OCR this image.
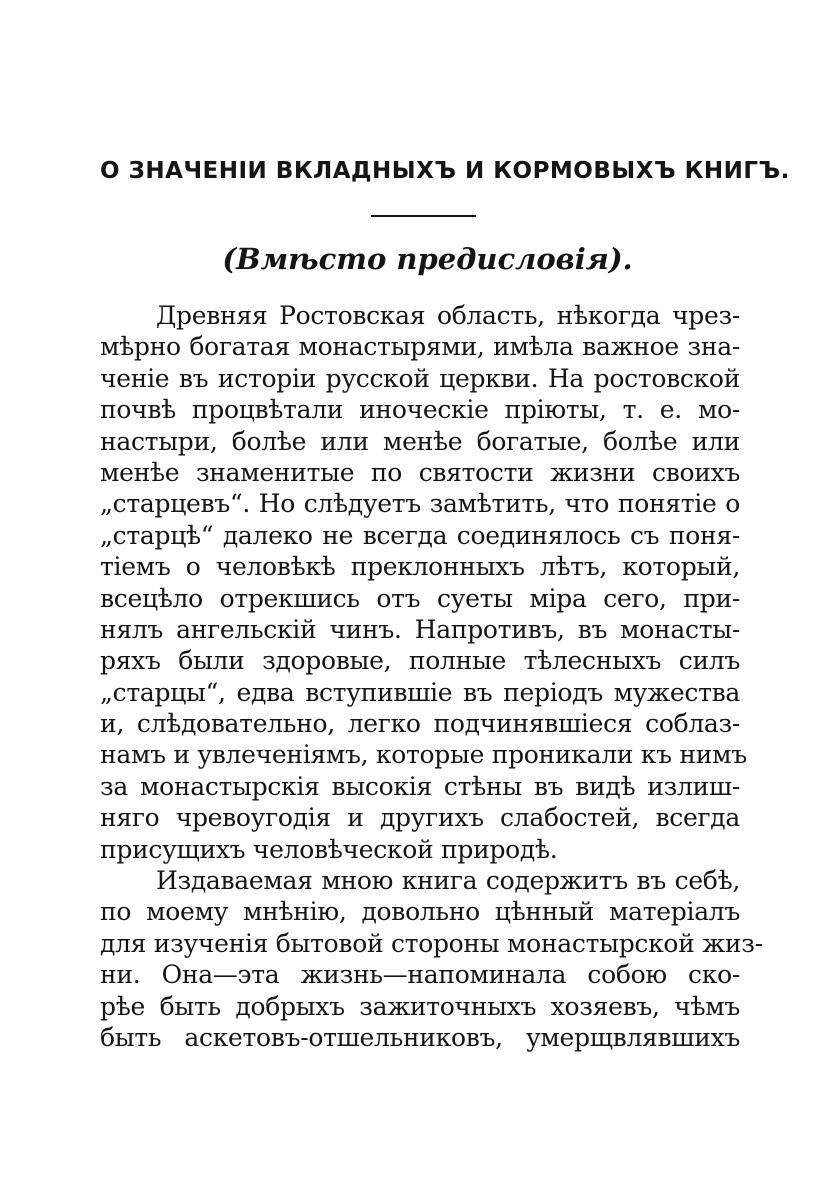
О ЗНАЧЕНІИ ВКЛАДНЫХЪ И КОРМОВЫХЪ КНИГЪ.
(Вмѣсто предисловія).
Древняя Ростовская область, нѣкогда чрез-
мѣрно богатая монастырями, имѣла важное зна-
ченіе въ исторіи русской церкви. На ростовской
почвѣ процвѣтали иноческіе пріюты, т. е. мо-
настыри, болѣе или менѣе богатые, болѣе или
менѣе знаменитые по святости жизни своихъ
„старцевъ“. Но слѣдуетъ замѣтить, что понятіе о
„старцѣ“ далеко не всегда соединялось съ поня-
тіемъ о человѣкѣ преклонныхъ лѣтъ, который,
всецѣло отрекшись отъ суеты міра сего, при-
нялъ ангельскій чинъ. Напротивъ, въ монасты-
ряхъ были здоровые, полные тѣлесныхъ силъ
„старцы“, едва вступившіе въ періодъ мужества
и, слѣдовательно, легко подчинявшіеся соблаз-
намъ и увлеченіямъ, которые проникали къ нимъ
за монастырскія высокія стѣны въ видѣ излиш-
няго чревоугодія и другихъ слабостей, всегда
присущихъ человѣческой природѣ.
Издаваемая мною книга содержитъ въ себѣ,
по моему мнѣнію, довольно цѣнный матеріалъ
для изученія бытовой стороны монастырской жиз-
ни. Она—эта жизнь—напоминала собою ско-
рѣе быть добрыхъ зажиточныхъ хозяевъ, чѣмъ
быть аскетовъ-отшельниковъ, умерщвлявшихъ
